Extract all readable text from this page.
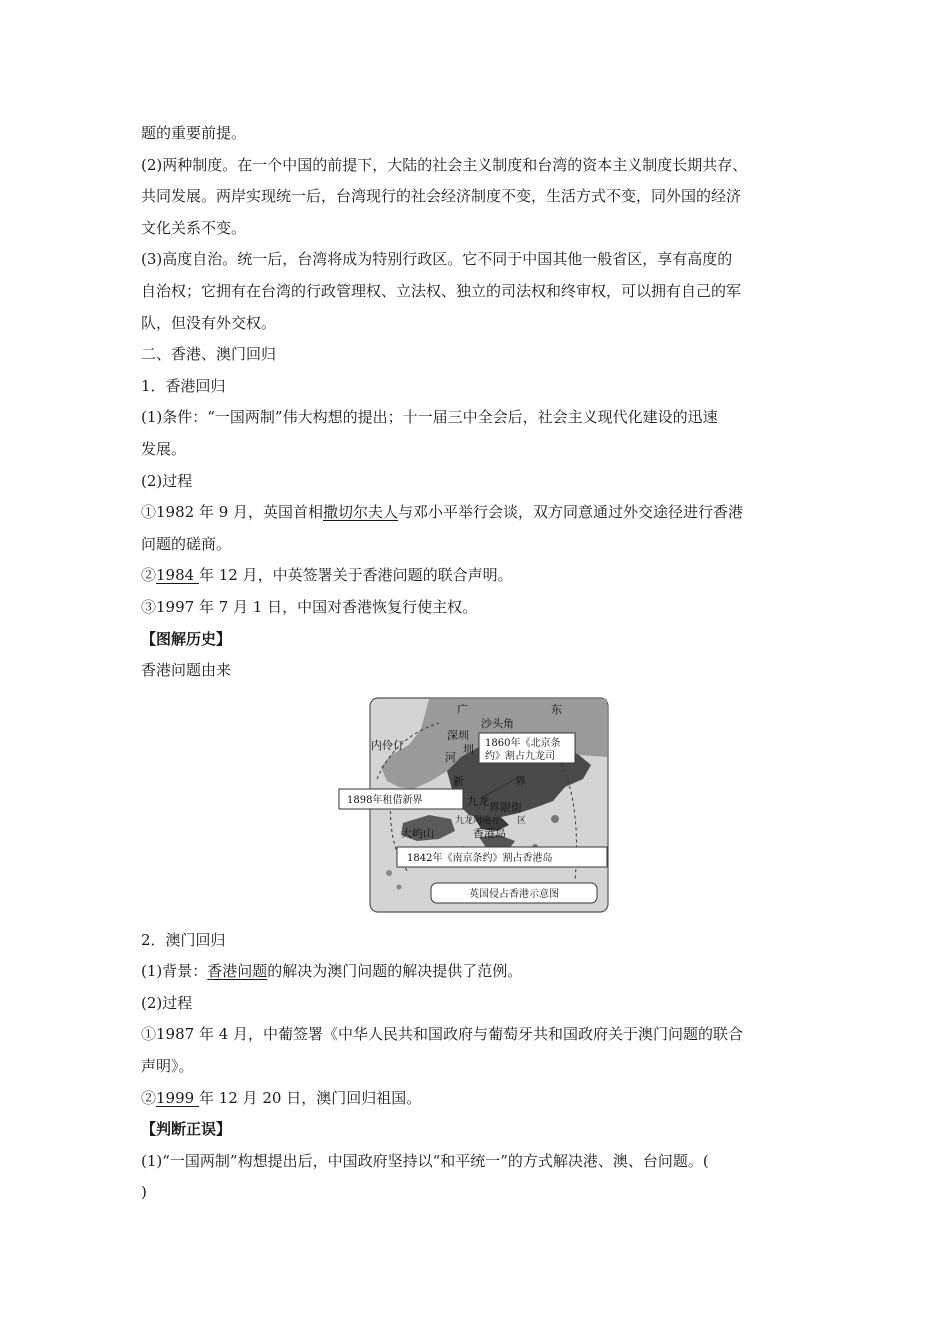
题的重要前提。
(2)两种制度。在一个中国的前提下，大陆的社会主义制度和台湾的资本主义制度长期共存、
共同发展。两岸实现统一后，台湾现行的社会经济制度不变，生活方式不变，同外国的经济
文化关系不变。
(3)高度自治。统一后，台湾将成为特别行政区。它不同于中国其他一般省区，享有高度的
自治权；它拥有在台湾的行政管理权、立法权、独立的司法权和终审权，可以拥有自己的军
队，但没有外交权。
二、香港、澳门回归
1．香港回归
(1)条件：“一国两制”伟大构想的提出；十一届三中全会后，社会主义现代化建设的迅速
发展。
(2)过程
①1982 年 9 月，英国首相撒切尔夫人与邓小平举行会谈，双方同意通过外交途径进行香港
问题的磋商。
②1984 年 12 月，中英签署关于香港问题的联合声明。
③1997 年 7 月 1 日，中国对香港恢复行使主权。
【图解历史】
香港问题由来
广	东
沙头角
深圳
圳
河
新	界
内伶仃
九龙 界限街
九龙司地方 区
香港岛
大屿山
1860年《北京条
约》割占九龙司
1898年租借新界
1842年《南京条约》割占香港岛
英国侵占香港示意图
2．澳门回归
(1)背景：香港问题的解决为澳门问题的解决提供了范例。
(2)过程
①1987 年 4 月，中葡签署《中华人民共和国政府与葡萄牙共和国政府关于澳门问题的联合
声明》。
②1999 年 12 月 20 日，澳门回归祖国。
【判断正误】
(1)“一国两制”构想提出后，中国政府坚持以“和平统一”的方式解决港、澳、台问题。(
)
